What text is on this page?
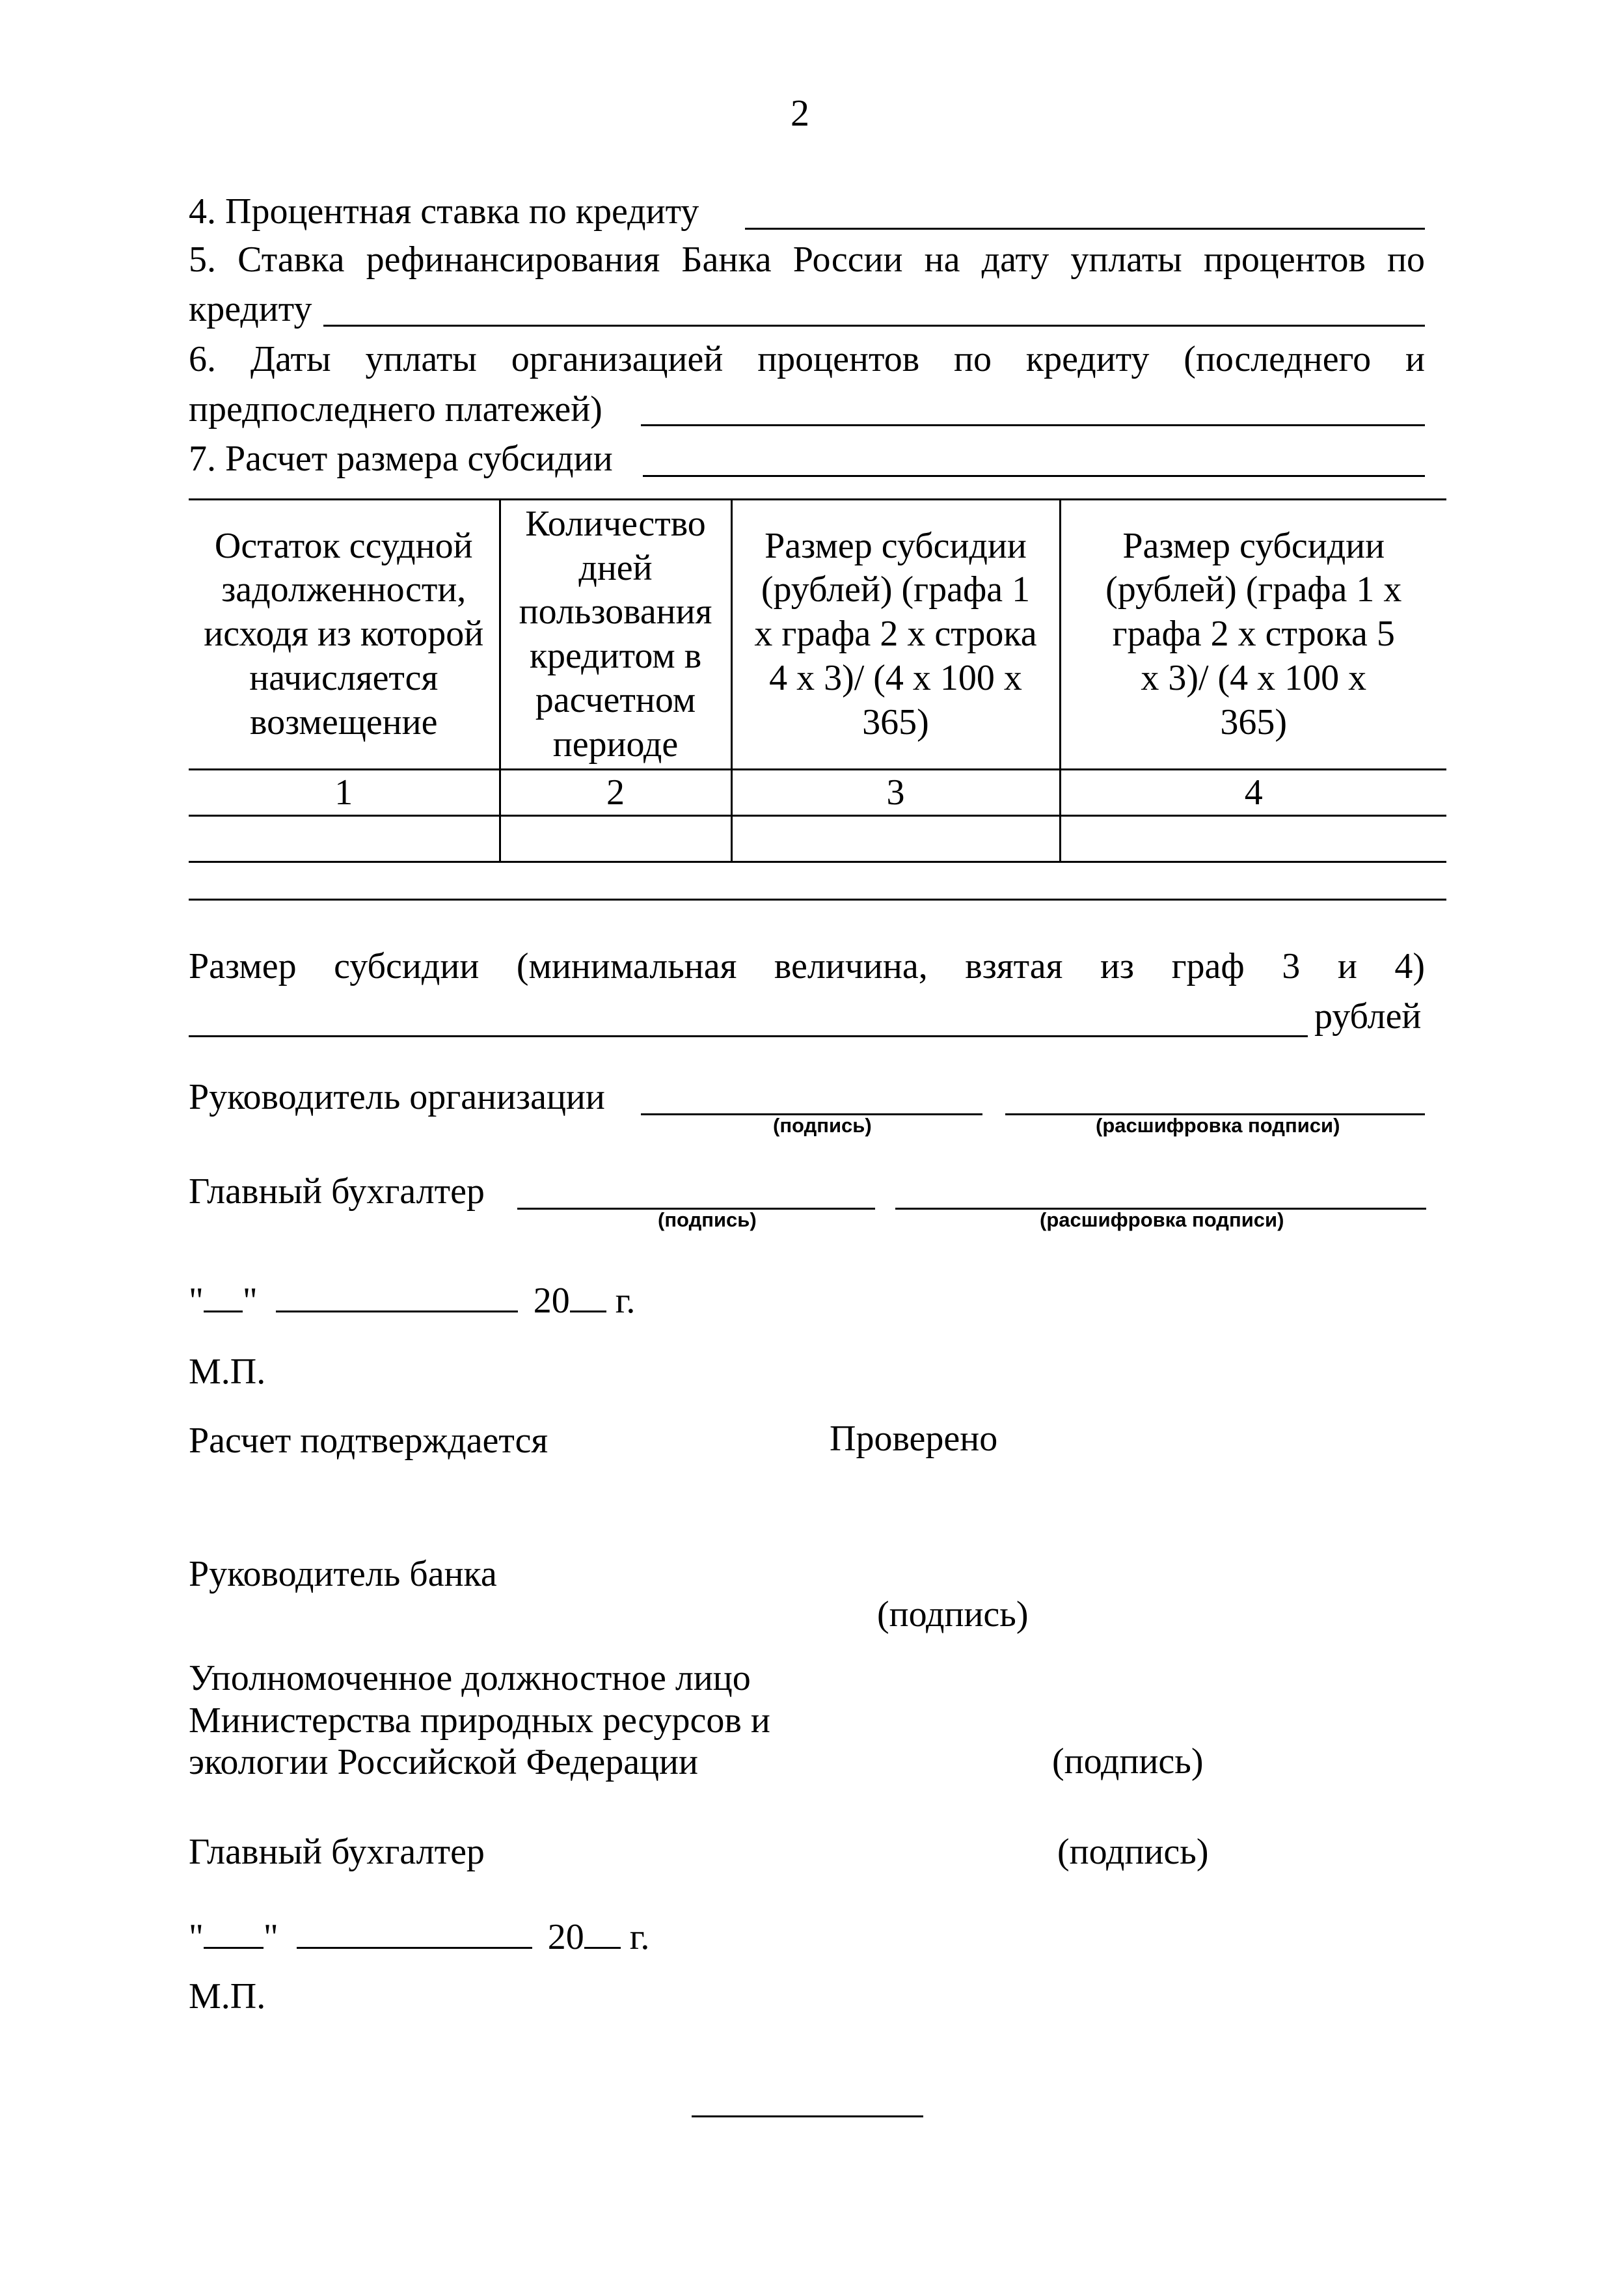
2
4. Процентная ставка по кредиту
5. Ставка рефинансирования Банка России на дату уплаты процентов по
кредиту
6. Даты уплаты организацией процентов по кредиту (последнего и
предпоследнего платежей)
7. Расчет размера субсидии
Остаток ссудной задолженности, исходя из которой начисляется возмещение	Количество дней пользования кредитом в расчетном периоде	Размер субсидии (рублей) (графа 1 х графа 2 х строка 4 х 3)/ (4 х 100 х 365)	Размер субсидии (рублей) (графа 1 х графа 2 х строка 5 х 3)/ (4 х 100 х 365)
1	2	3	4

Размер субсидии (минимальная величина, взятая из граф 3 и 4)
рублей
Руководитель организации
(подпись)	(расшифровка подписи)
Главный бухгалтер
(подпись)	(расшифровка подписи)
" "	20 г.
М.П.
Расчет подтверждается	Проверено
Руководитель банка
(подпись)
Уполномоченное должностное лицо
Министерства природных ресурсов и
экологии Российской Федерации	(подпись)
Главный бухгалтер	(подпись)
" "	20 г.
М.П.
